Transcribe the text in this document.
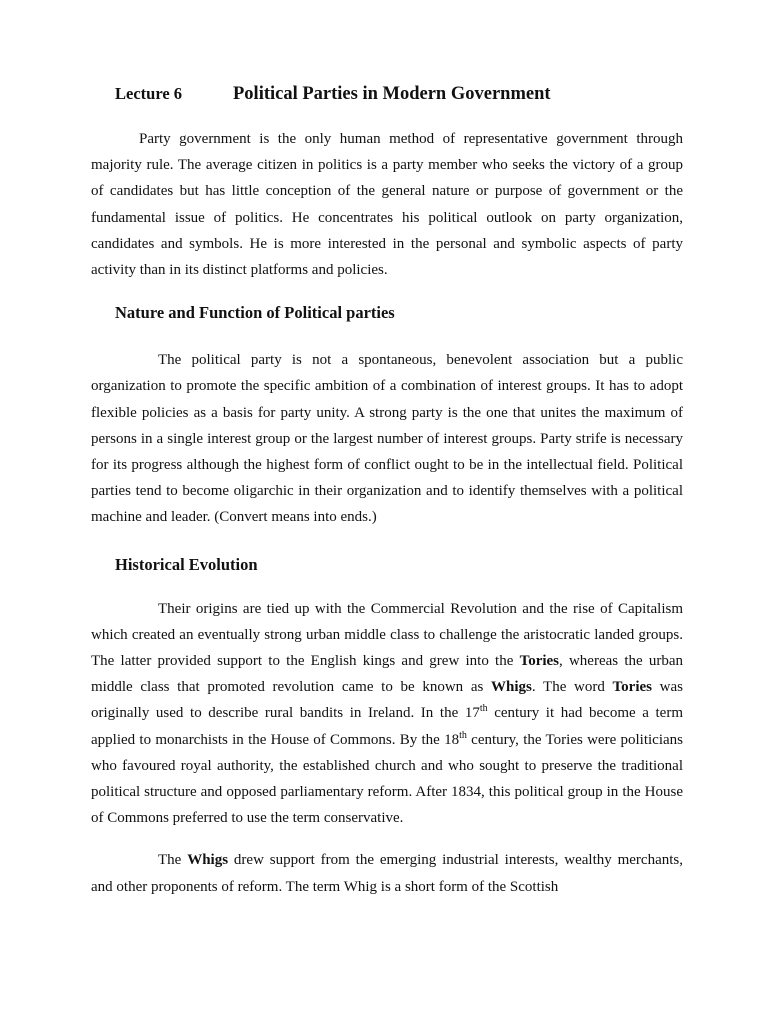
Lecture 6	Political Parties in Modern Government

Party government is the only human method of representative government through majority rule. The average citizen in politics is a party member who seeks the victory of a group of candidates but has little conception of the general nature or purpose of government or the fundamental issue of politics. He concentrates his political outlook on party organization, candidates and symbols. He is more interested in the personal and symbolic aspects of party activity than in its distinct platforms and policies.

Nature and Function of Political parties

The political party is not a spontaneous, benevolent association but a public organization to promote the specific ambition of a combination of interest groups. It has to adopt flexible policies as a basis for party unity. A strong party is the one that unites the maximum of persons in a single interest group or the largest number of interest groups. Party strife is necessary for its progress although the highest form of conflict ought to be in the intellectual field. Political parties tend to become oligarchic in their organization and to identify themselves with a political machine and leader. (Convert means into ends.)

Historical Evolution

Their origins are tied up with the Commercial Revolution and the rise of Capitalism which created an eventually strong urban middle class to challenge the aristocratic landed groups. The latter provided support to the English kings and grew into the Tories, whereas the urban middle class that promoted revolution came to be known as Whigs. The word Tories was originally used to describe rural bandits in Ireland. In the 17th century it had become a term applied to monarchists in the House of Commons. By the 18th century, the Tories were politicians who favoured royal authority, the established church and who sought to preserve the traditional political structure and opposed parliamentary reform. After 1834, this political group in the House of Commons preferred to use the term conservative.

The Whigs drew support from the emerging industrial interests, wealthy merchants, and other proponents of reform. The term Whig is a short form of the Scottish
